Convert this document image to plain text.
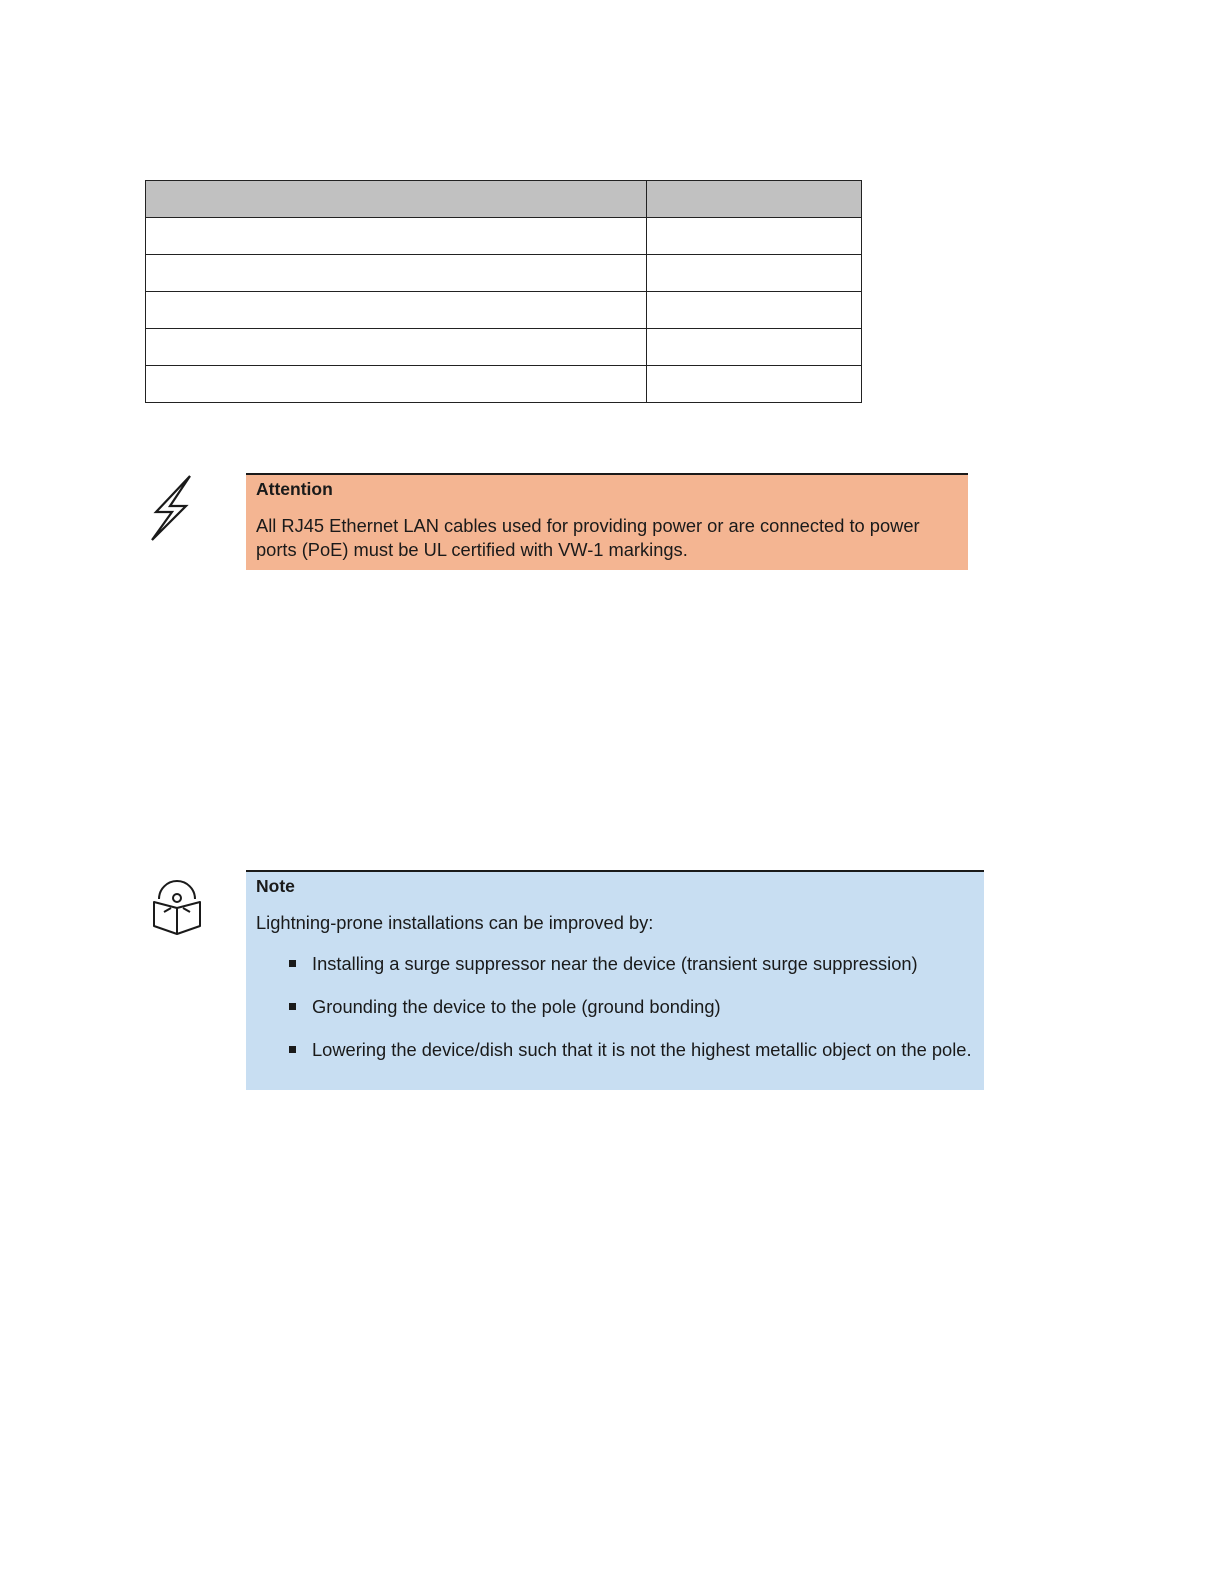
Attention
All RJ45 Ethernet LAN cables used for providing power or are connected to power ports (PoE) must be UL certified with VW-1 markings.
Note
Lightning-prone installations can be improved by:
Installing a surge suppressor near the device (transient surge suppression)
Grounding the device to the pole (ground bonding)
Lowering the device/dish such that it is not the highest metallic object on the pole.
